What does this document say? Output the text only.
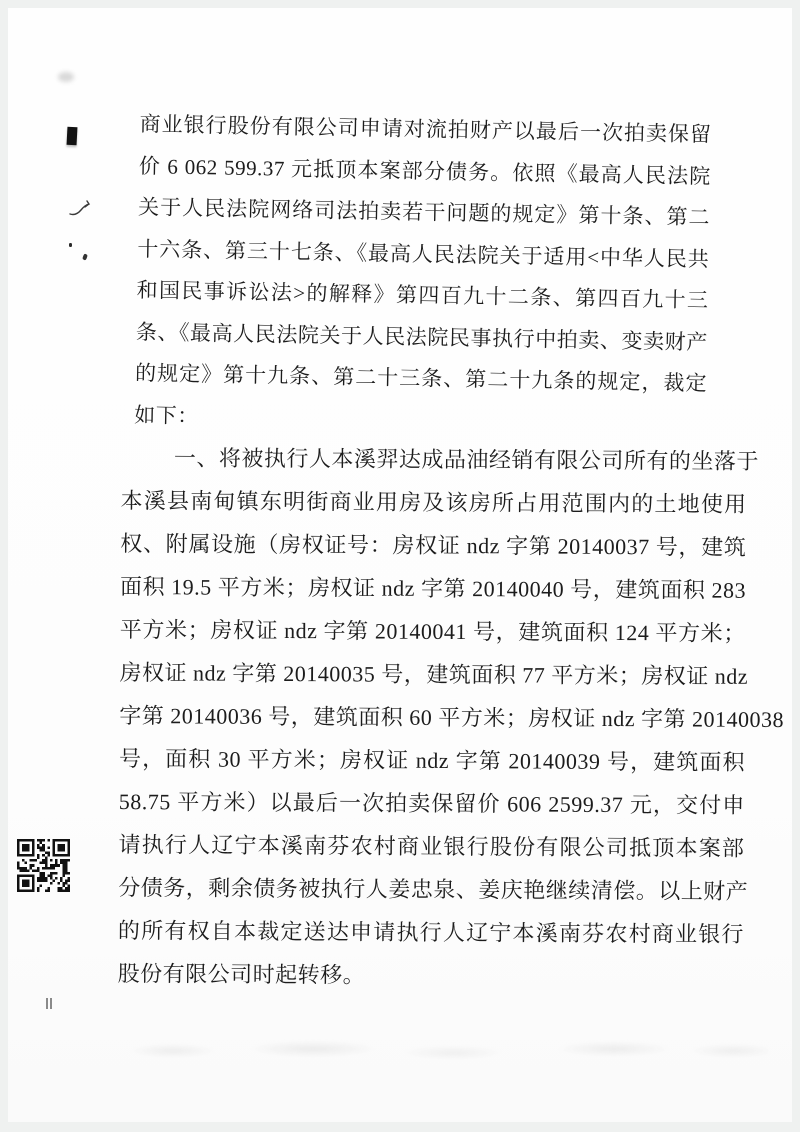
商业银行股份有限公司申请对流拍财产以最后一次拍卖保留
价 6 062 599.37 元抵顶本案部分债务。依照《最高人民法院
关于人民法院网络司法拍卖若干问题的规定》第十条、第二
十六条、第三十七条、《最高人民法院关于适用<中华人民共
和国民事诉讼法>的解释》第四百九十二条、第四百九十三
条、《最高人民法院关于人民法院民事执行中拍卖、变卖财产
的规定》第十九条、第二十三条、第二十九条的规定，裁定
如下：
一、将被执行人本溪羿达成品油经销有限公司所有的坐落于
本溪县南甸镇东明街商业用房及该房所占用范围内的土地使用
权、附属设施（房权证号：房权证 ndz 字第 20140037 号，建筑
面积 19.5 平方米；房权证 ndz 字第 20140040 号，建筑面积 283
平方米；房权证 ndz 字第 20140041 号，建筑面积 124 平方米；
房权证 ndz 字第 20140035 号，建筑面积 77 平方米；房权证 ndz
字第 20140036 号，建筑面积 60 平方米；房权证 ndz 字第 20140038
号，面积 30 平方米；房权证 ndz 字第 20140039 号，建筑面积
58.75 平方米）以最后一次拍卖保留价 606 2599.37 元，交付申
请执行人辽宁本溪南芬农村商业银行股份有限公司抵顶本案部
分债务，剩余债务被执行人姜忠泉、姜庆艳继续清偿。以上财产
的所有权自本裁定送达申请执行人辽宁本溪南芬农村商业银行
股份有限公司时起转移。
